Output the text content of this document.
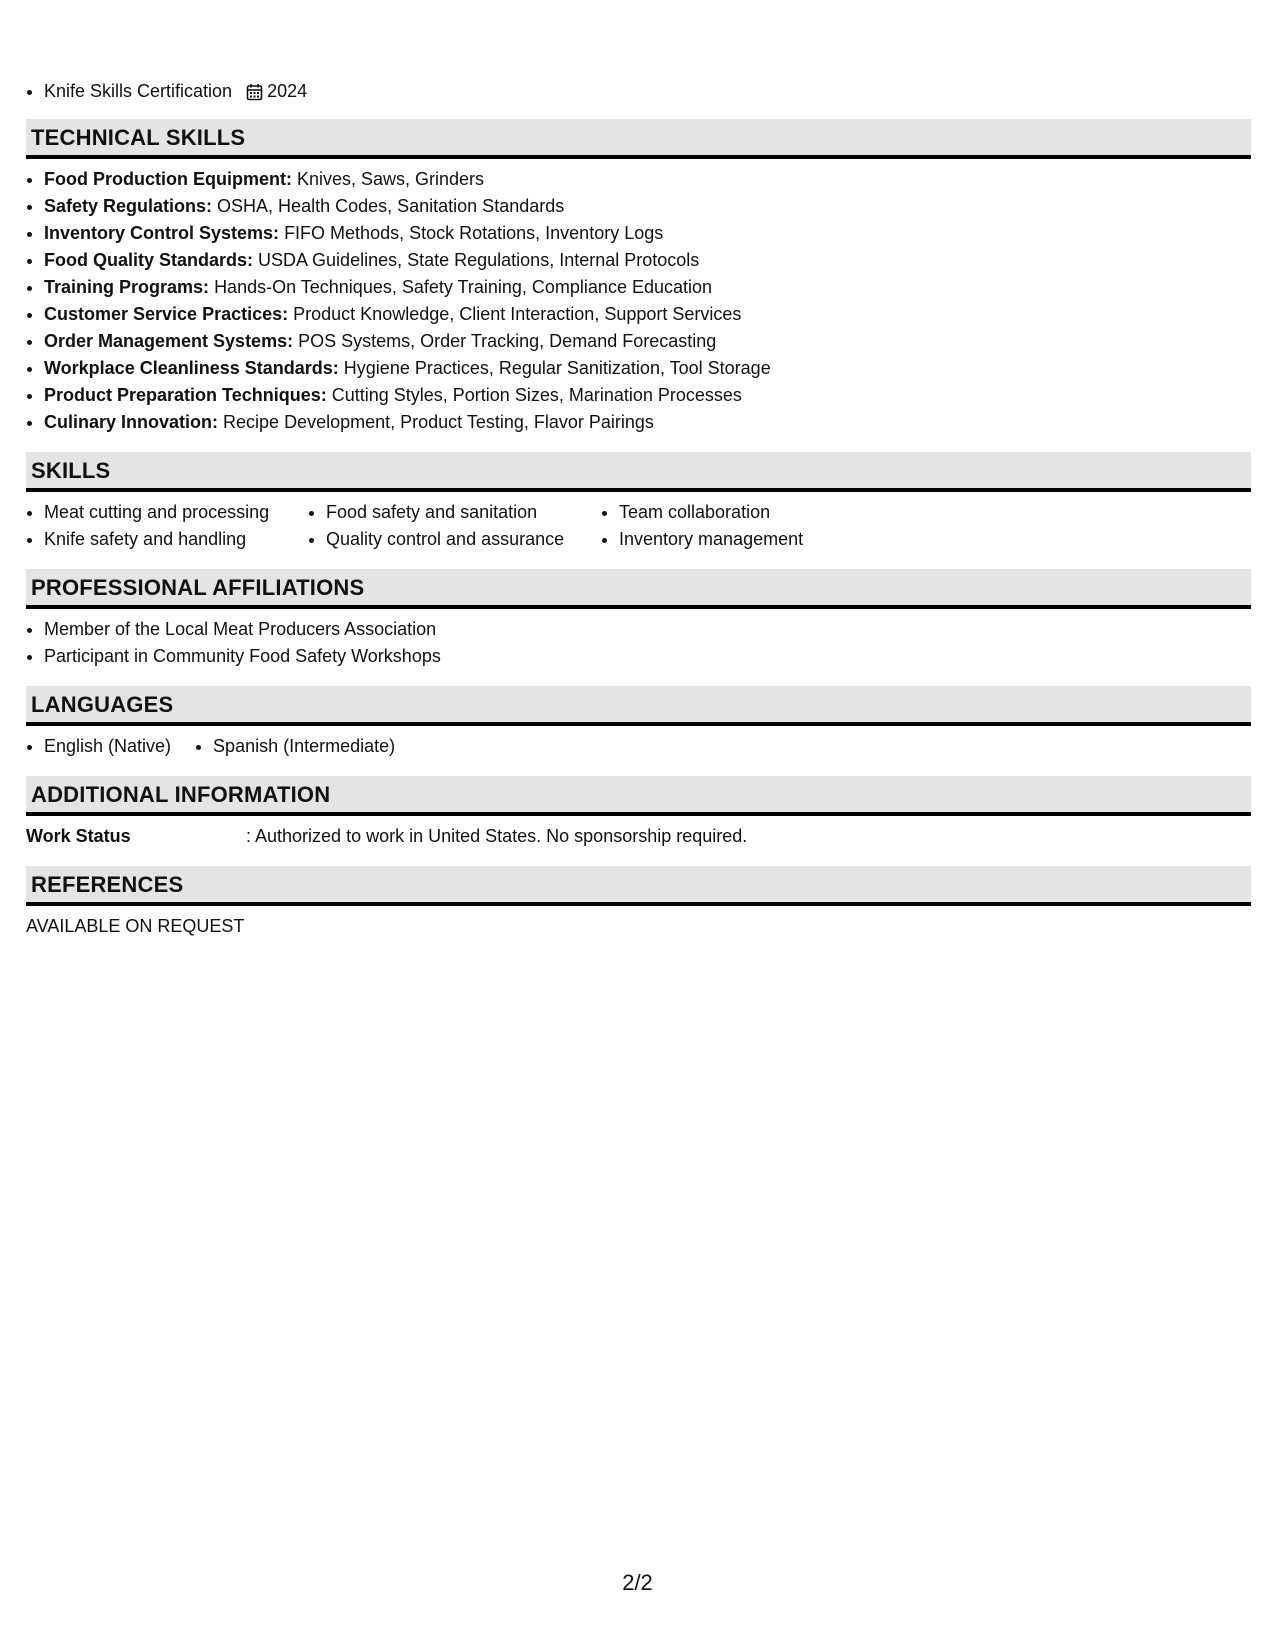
Knife Skills Certification 2024
TECHNICAL SKILLS
Food Production Equipment: Knives, Saws, Grinders
Safety Regulations: OSHA, Health Codes, Sanitation Standards
Inventory Control Systems: FIFO Methods, Stock Rotations, Inventory Logs
Food Quality Standards: USDA Guidelines, State Regulations, Internal Protocols
Training Programs: Hands-On Techniques, Safety Training, Compliance Education
Customer Service Practices: Product Knowledge, Client Interaction, Support Services
Order Management Systems: POS Systems, Order Tracking, Demand Forecasting
Workplace Cleanliness Standards: Hygiene Practices, Regular Sanitization, Tool Storage
Product Preparation Techniques: Cutting Styles, Portion Sizes, Marination Processes
Culinary Innovation: Recipe Development, Product Testing, Flavor Pairings
SKILLS
Meat cutting and processing
Knife safety and handling
Food safety and sanitation
Quality control and assurance
Team collaboration
Inventory management
PROFESSIONAL AFFILIATIONS
Member of the Local Meat Producers Association
Participant in Community Food Safety Workshops
LANGUAGES
English (Native)	Spanish (Intermediate)
ADDITIONAL INFORMATION
Work Status	: Authorized to work in United States. No sponsorship required.
REFERENCES
AVAILABLE ON REQUEST
2/2
